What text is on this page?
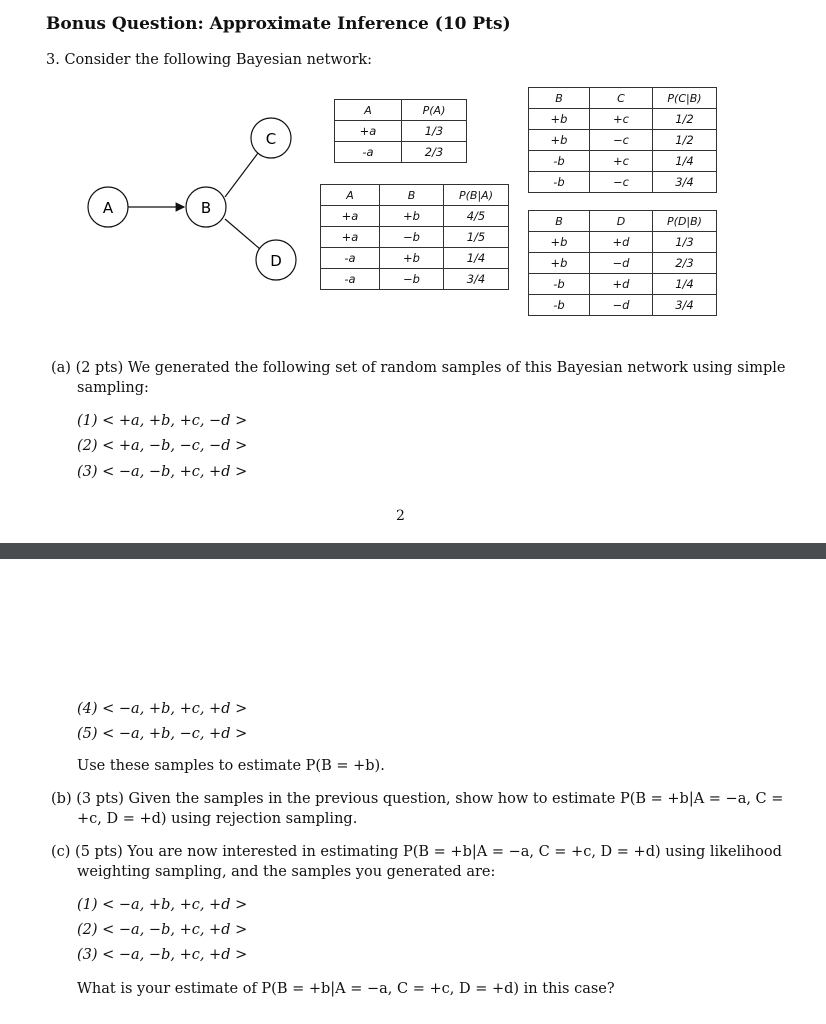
Bonus Question: Approximate Inference (10 Pts)
3. Consider the following Bayesian network:
A	B
C
D
A	P(A)
+a	1/3
-a	2/3
A	B	P(B|A)
+a	+b	4/5
+a	−b	1/5
-a	+b	1/4
-a	−b	3/4
B	C	P(C|B)
+b	+c	1/2
+b	−c	1/2
-b	+c	1/4
-b	−c	3/4
B	D	P(D|B)
+b	+d	1/3
+b	−d	2/3
-b	+d	1/4
-b	−d	3/4
(a) (2 pts) We generated the following set of random samples of this Bayesian network using simple
sampling:
(1) < +a, +b, +c, −d >
(2) < +a, −b, −c, −d >
(3) < −a, −b, +c, +d >
2
(4) < −a, +b, +c, +d >
(5) < −a, +b, −c, +d >
Use these samples to estimate P(B = +b).
(b) (3 pts) Given the samples in the previous question, show how to estimate P(B = +b|A = −a, C =
+c, D = +d) using rejection sampling.
(c) (5 pts) You are now interested in estimating P(B = +b|A = −a, C = +c, D = +d) using likelihood
weighting sampling, and the samples you generated are:
(1) < −a, +b, +c, +d >
(2) < −a, −b, +c, +d >
(3) < −a, −b, +c, +d >
What is your estimate of P(B = +b|A = −a, C = +c, D = +d) in this case?
